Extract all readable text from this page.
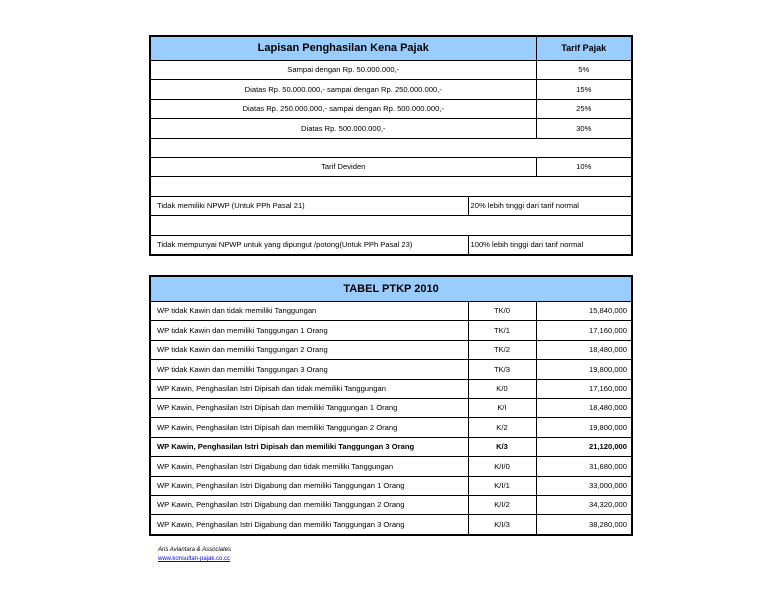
Lapisan Penghasilan Kena Pajak		Tarif Pajak
Sampai dengan Rp. 50.000.000,-		5%
Diatas Rp. 50.000.000,- sampai dengan Rp. 250.000.000,-		15%
Diatas Rp. 250.000.000,- sampai dengan Rp. 500.000.000,-		25%
Diatas Rp. 500.000.000,-		30%

Tarif Deviden		10%

Tidak memiliki NPWP (Untuk PPh Pasal 21)	20% lebih tinggi dari tarif normal	

Tidak mempunyai NPWP untuk yang dipungut /potong(Untuk PPh Pasal 23)	100% lebih tinggi dari tarif normal	
TABEL PTKP 2010		
WP tidak Kawin dan tidak memiliki Tanggungan	TK/0	15,840,000
WP tidak Kawin dan memiliki Tanggungan 1 Orang	TK/1	17,160,000
WP tidak Kawin dan memiliki Tanggungan 2 Orang	TK/2	18,480,000
WP tidak Kawin dan memiliki Tanggungan 3 Orang	TK/3	19,800,000
WP Kawin, Penghasilan Istri Dipisah dan tidak memiliki Tanggungan	K/0	17,160,000
WP Kawin, Penghasilan Istri Dipisah dan memiliki Tanggungan 1 Orang	K/I	18,480,000
WP Kawin, Penghasilan Istri Dipisah dan memiliki Tanggungan 2 Orang	K/2	19,800,000
WP Kawin, Penghasilan Istri Dipisah dan memiliki Tanggungan 3 Orang	K/3	21,120,000
WP Kawin, Penghasilan Istri Digabung dan tidak memiliki Tanggungan	K/I/0	31,680,000
WP Kawin, Penghasilan Istri Digabung dan memiliki Tanggungan 1 Orang	K/I/1	33,000,000
WP Kawin, Penghasilan Istri Digabung dan memiliki Tanggungan 2 Orang	K/I/2	34,320,000
WP Kawin, Penghasilan Istri Digabung dan memiliki Tanggungan 3 Orang	K/I/3	38,280,000
Aris Aviantara & Associates
www.konsultan-pajak.co.cc
